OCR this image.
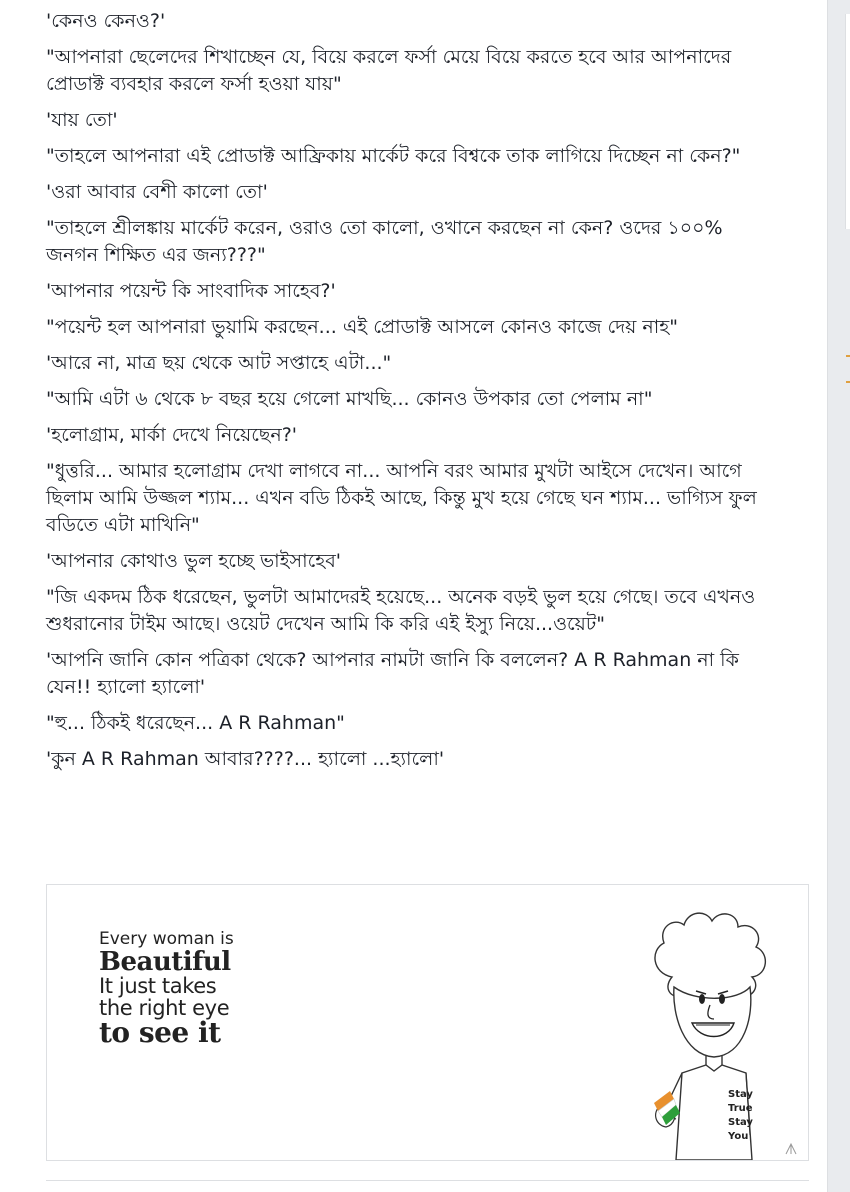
'কেনও কেনও?'

"আপনারা ছেলেদের শিখাচ্ছেন যে, বিয়ে করলে ফর্সা মেয়ে বিয়ে করতে হবে আর আপনাদের প্রোডাক্ট ব্যবহার করলে ফর্সা হওয়া যায়"

'যায় তো'

"তাহলে আপনারা এই প্রোডাক্ট আফ্রিকায় মার্কেট করে বিশ্বকে তাক লাগিয়ে দিচ্ছেন না কেন?"

'ওরা আবার বেশী কালো তো'

"তাহলে শ্রীলঙ্কায় মার্কেট করেন, ওরাও তো কালো, ওখানে করছেন না কেন? ওদের ১০০% জনগন শিক্ষিত এর জন্য???"

'আপনার পয়েন্ট কি সাংবাদিক সাহেব?'

"পয়েন্ট হল আপনারা ভুয়ামি করছেন... এই প্রোডাক্ট আসলে কোনও কাজে দেয় নাহ"

'আরে না, মাত্র ছয় থেকে আট সপ্তাহে এটা..."

"আমি এটা ৬ থেকে ৮ বছর হয়ে গেলো মাখছি... কোনও উপকার তো পেলাম না"

'হলোগ্রাম, মার্কা দেখে নিয়েছেন?'

"ধুত্তরি... আমার হলোগ্রাম দেখা লাগবে না... আপনি বরং আমার মুখটা আইসে দেখেন। আগে ছিলাম আমি উজ্জল শ্যাম... এখন বডি ঠিকই আছে, কিন্তু মুখ হয়ে গেছে ঘন শ্যাম... ভাগ্যিস ফুল বডিতে এটা মাখিনি"

'আপনার কোথাও ভুল হচ্ছে ভাইসাহেব'

"জি একদম ঠিক ধরেছেন, ভুলটা আমাদেরই হয়েছে... অনেক বড়ই ভুল হয়ে গেছে। তবে এখনও শুধরানোর টাইম আছে। ওয়েট দেখেন আমি কি করি এই ইস্যু নিয়ে...ওয়েট"

'আপনি জানি কোন পত্রিকা থেকে? আপনার নামটা জানি কি বললেন? A R Rahman না কি যেন!! হ্যালো হ্যালো'

"হু... ঠিকই ধরেছেন... A R Rahman"

'কুন A R Rahman আবার????... হ্যালো ...হ্যালো'

Every woman is
Beautiful
It just takes
the right eye
to see it
Stay
True
Stay
You
